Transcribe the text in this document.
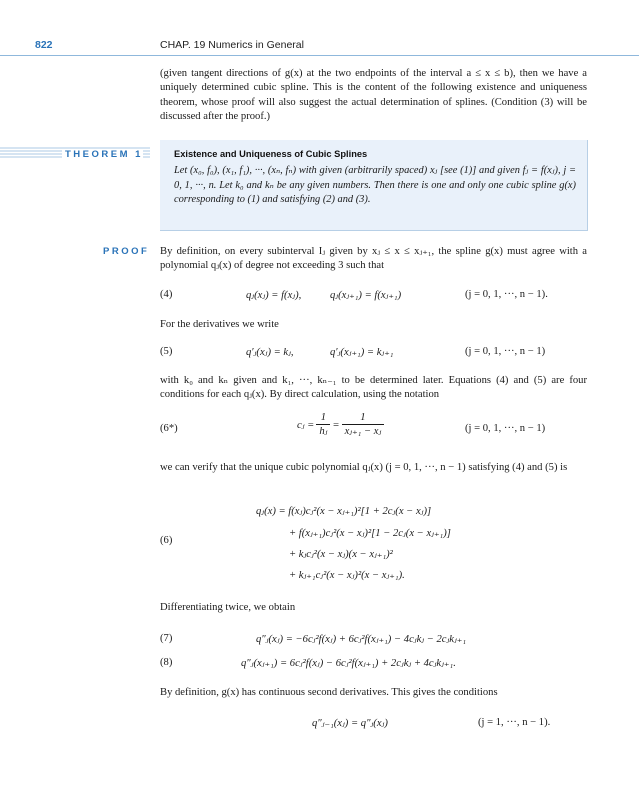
822	CHAP. 19 Numerics in General
(given tangent directions of g(x) at the two endpoints of the interval a ≤ x ≤ b), then we have a uniquely determined cubic spline. This is the content of the following existence and uniqueness theorem, whose proof will also suggest the actual determination of splines. (Condition (3) will be discussed after the proof.)
THEOREM 1	Existence and Uniqueness of Cubic Splines
Let (x₀, f₀), (x₁, f₁), ···, (xₙ, fₙ) with given (arbitrarily spaced) xⱼ [see (1)] and given fⱼ = f(xⱼ), j = 0, 1, ···, n. Let k₀ and kₙ be any given numbers. Then there is one and only one cubic spline g(x) corresponding to (1) and satisfying (2) and (3).
PROOF By definition, on every subinterval Iⱼ given by xⱼ ≤ x ≤ xⱼ₊₁, the spline g(x) must agree with a polynomial qⱼ(x) of degree not exceeding 3 such that
(4)	qⱼ(xⱼ) = f(xⱼ),	qⱼ(xⱼ₊₁) = f(xⱼ₊₁)	(j = 0, 1, ···, n − 1).
For the derivatives we write
(5)	q′ⱼ(xⱼ) = kⱼ,	q′ⱼ(xⱼ₊₁) = kⱼ₊₁	(j = 0, 1, ···, n − 1)
with k₀ and kₙ given and k₁, ···, kₙ₋₁ to be determined later. Equations (4) and (5) are four conditions for each qⱼ(x). By direct calculation, using the notation
(6*)	cⱼ = $\frac{1}{\text{hⱼ}} = \frac{1}{\text{xⱼ₊₁ − xⱼ}}$	(j = 0, 1, ···, n − 1)
we can verify that the unique cubic polynomial qⱼ(x) (j = 0, 1, ···, n − 1) satisfying (4) and (5) is
(6)
qⱼ(x) = f(xⱼ)cⱼ²(x − xⱼ₊₁)²[1 + 2cⱼ(x − xⱼ)]
+ f(xⱼ₊₁)cⱼ²(x − xⱼ)²[1 − 2cⱼ(x − xⱼ₊₁)]
+ kⱼcⱼ²(x − xⱼ)(x − xⱼ₊₁)²
+ kⱼ₊₁cⱼ²(x − xⱼ)²(x − xⱼ₊₁).
Differentiating twice, we obtain
(7)	q″ⱼ(xⱼ) = −6cⱼ²f(xⱼ) + 6cⱼ²f(xⱼ₊₁) − 4cⱼkⱼ − 2cⱼkⱼ₊₁
(8)	q″ⱼ(xⱼ₊₁) = 6cⱼ²f(xⱼ) − 6cⱼ²f(xⱼ₊₁) + 2cⱼkⱼ + 4cⱼkⱼ₊₁.
By definition, g(x) has continuous second derivatives. This gives the conditions
q″ⱼ₋₁(xⱼ) = q″ⱼ(xⱼ)	(j = 1, ···, n − 1).
